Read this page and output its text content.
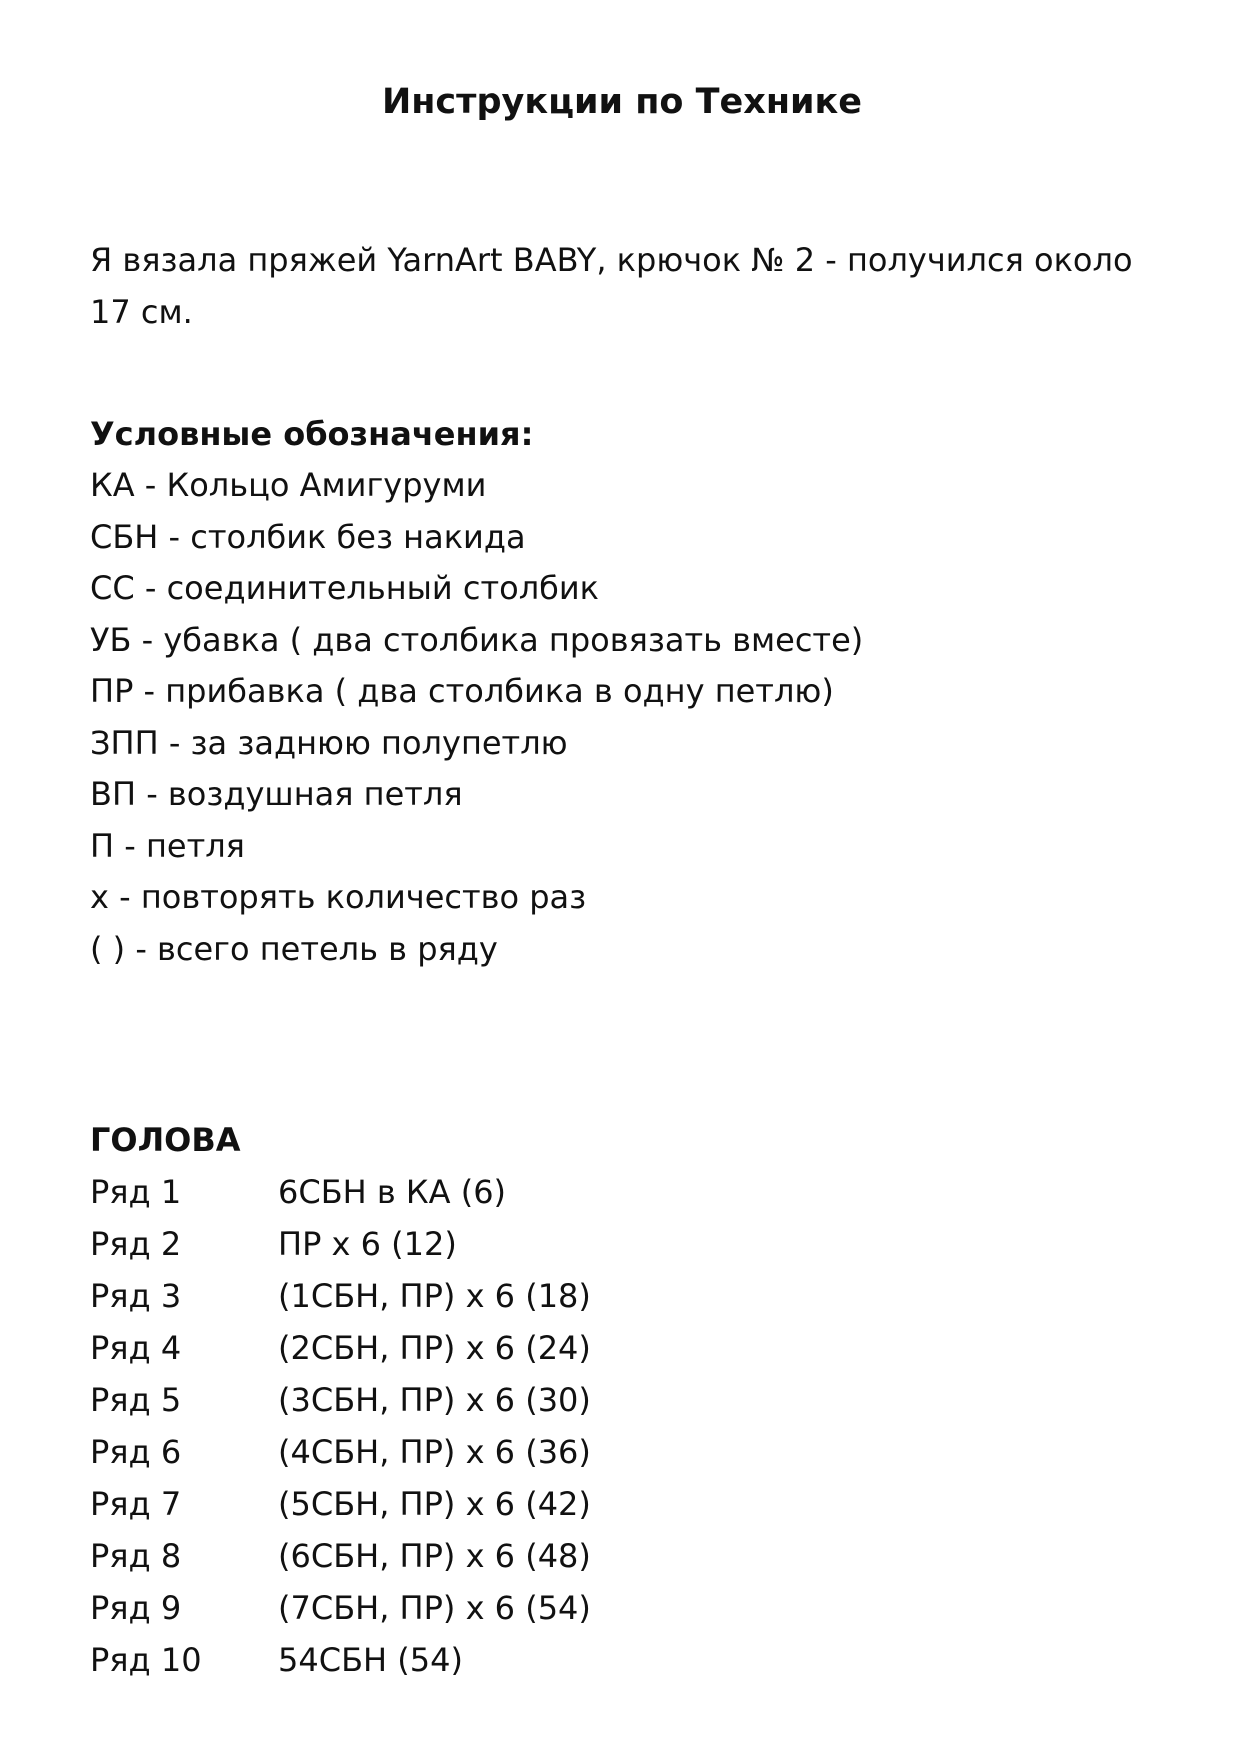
Инструкции по Технике
Я вязала пряжей YarnArt BABY, крючок № 2 - получился около 17 см.
Условные обозначения:
КА - Кольцо Амигуруми
СБН - столбик без накида
СС - соединительный столбик
УБ - убавка ( два столбика провязать вместе)
ПР - прибавка ( два столбика в одну петлю)
ЗПП - за заднюю полупетлю
ВП - воздушная петля
П - петля
х - повторять количество раз
( ) - всего петель в ряду
ГОЛОВА
Ряд 1	6СБН в КА (6)
Ряд 2	ПР х 6 (12)
Ряд 3	(1СБН, ПР) х 6 (18)
Ряд 4	(2СБН, ПР) х 6 (24)
Ряд 5	(3СБН, ПР) х 6 (30)
Ряд 6	(4СБН, ПР) х 6 (36)
Ряд 7	(5СБН, ПР) х 6 (42)
Ряд 8	(6СБН, ПР) х 6 (48)
Ряд 9	(7СБН, ПР) х 6 (54)
Ряд 10 54СБН (54)
